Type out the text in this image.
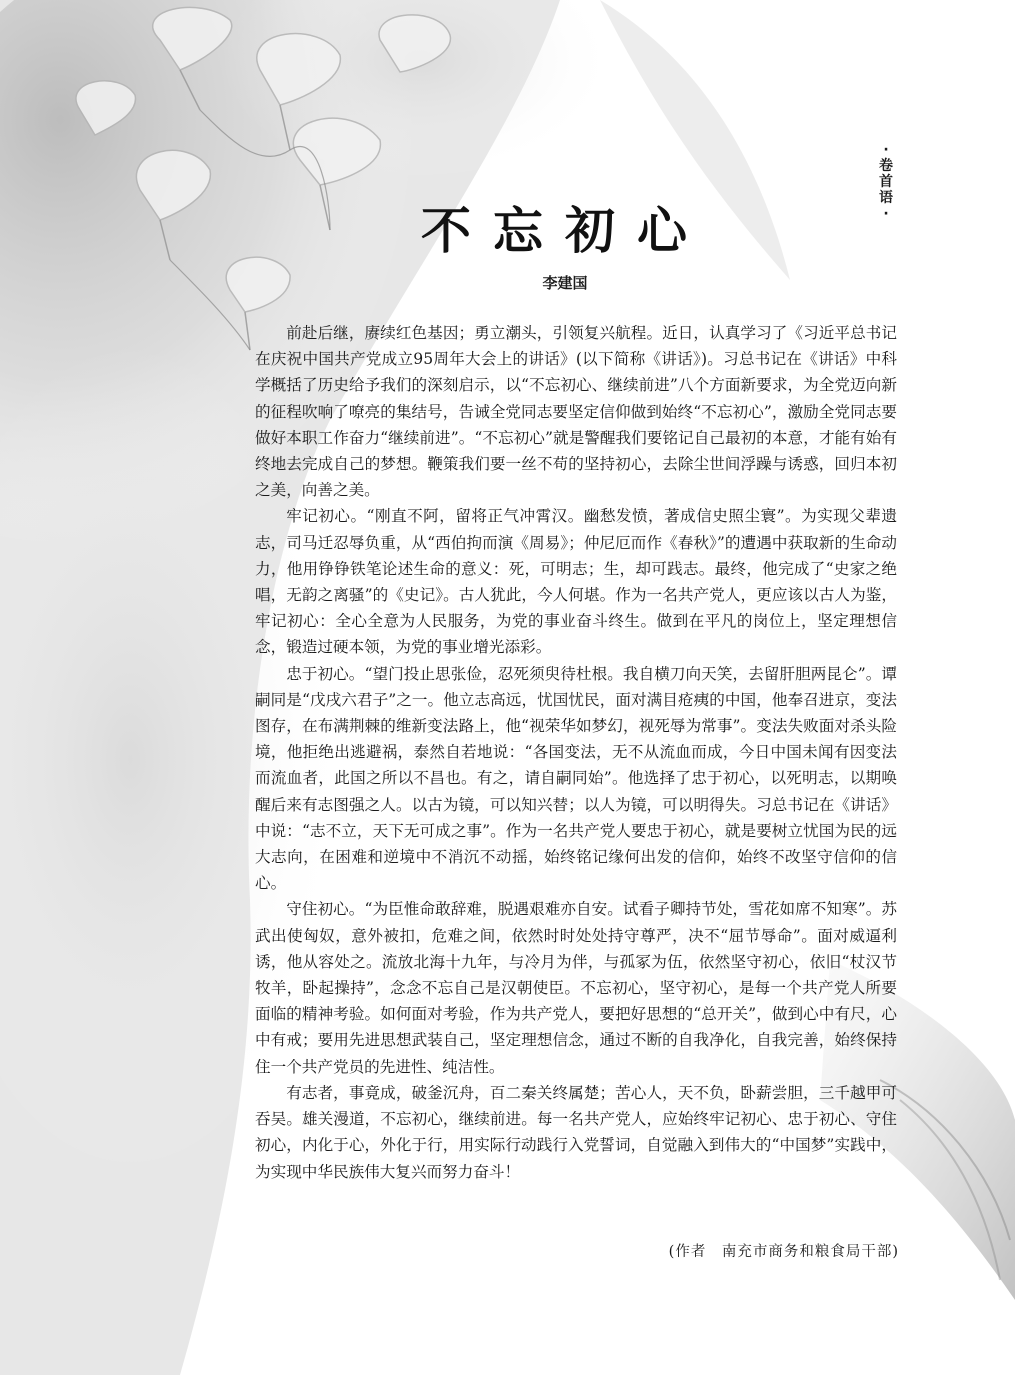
·
卷
首
语
·
不忘初心
李建国

前赴后继，赓续红色基因；勇立潮头，引领复兴航程。近日，认真学习了《习近平总书记在庆祝中国共产党成立95周年大会上的讲话》(以下简称《讲话》)。习总书记在《讲话》中科学概括了历史给予我们的深刻启示，以“不忘初心、继续前进”八个方面新要求，为全党迈向新的征程吹响了嘹亮的集结号，告诫全党同志要坚定信仰做到始终“不忘初心”，激励全党同志要做好本职工作奋力“继续前进”。“不忘初心”就是警醒我们要铭记自己最初的本意，才能有始有终地去完成自己的梦想。鞭策我们要一丝不苟的坚持初心，去除尘世间浮躁与诱惑，回归本初之美，向善之美。

牢记初心。“刚直不阿，留将正气冲霄汉。幽愁发愤，著成信史照尘寰”。为实现父辈遗志，司马迁忍辱负重，从“西伯拘而演《周易》；仲尼厄而作《春秋》”的遭遇中获取新的生命动力，他用铮铮铁笔论述生命的意义：死，可明志；生，却可践志。最终，他完成了“史家之绝唱，无韵之离骚”的《史记》。古人犹此，今人何堪。作为一名共产党人，更应该以古人为鉴，牢记初心：全心全意为人民服务，为党的事业奋斗终生。做到在平凡的岗位上，坚定理想信念，锻造过硬本领，为党的事业增光添彩。

忠于初心。“望门投止思张俭，忍死须臾待杜根。我自横刀向天笑，去留肝胆两昆仑”。谭嗣同是“戊戌六君子”之一。他立志高远，忧国忧民，面对满目疮痍的中国，他奉召进京，变法图存，在布满荆棘的维新变法路上，他“视荣华如梦幻，视死辱为常事”。变法失败面对杀头险境，他拒绝出逃避祸，泰然自若地说：“各国变法，无不从流血而成，今日中国未闻有因变法而流血者，此国之所以不昌也。有之，请自嗣同始”。他选择了忠于初心，以死明志，以期唤醒后来有志图强之人。以古为镜，可以知兴替；以人为镜，可以明得失。习总书记在《讲话》中说：“志不立，天下无可成之事”。作为一名共产党人要忠于初心，就是要树立忧国为民的远大志向，在困难和逆境中不消沉不动摇，始终铭记缘何出发的信仰，始终不改坚守信仰的信心。

守住初心。“为臣惟命敢辞难，脱遇艰难亦自安。试看子卿持节处，雪花如席不知寒”。苏武出使匈奴，意外被扣，危难之间，依然时时处处持守尊严，决不“屈节辱命”。面对威逼利诱，他从容处之。流放北海十九年，与冷月为伴，与孤冢为伍，依然坚守初心，依旧“杖汉节牧羊，卧起操持”，念念不忘自己是汉朝使臣。不忘初心，坚守初心，是每一个共产党人所要面临的精神考验。如何面对考验，作为共产党人，要把好思想的“总开关”，做到心中有尺，心中有戒；要用先进思想武装自己，坚定理想信念，通过不断的自我净化，自我完善，始终保持住一个共产党员的先进性、纯洁性。

有志者，事竟成，破釜沉舟，百二秦关终属楚；苦心人，天不负，卧薪尝胆，三千越甲可吞吴。雄关漫道，不忘初心，继续前进。每一名共产党人，应始终牢记初心、忠于初心、守住初心，内化于心，外化于行，用实际行动践行入党誓词，自觉融入到伟大的“中国梦”实践中，为实现中华民族伟大复兴而努力奋斗！

(作者　南充市商务和粮食局干部)
